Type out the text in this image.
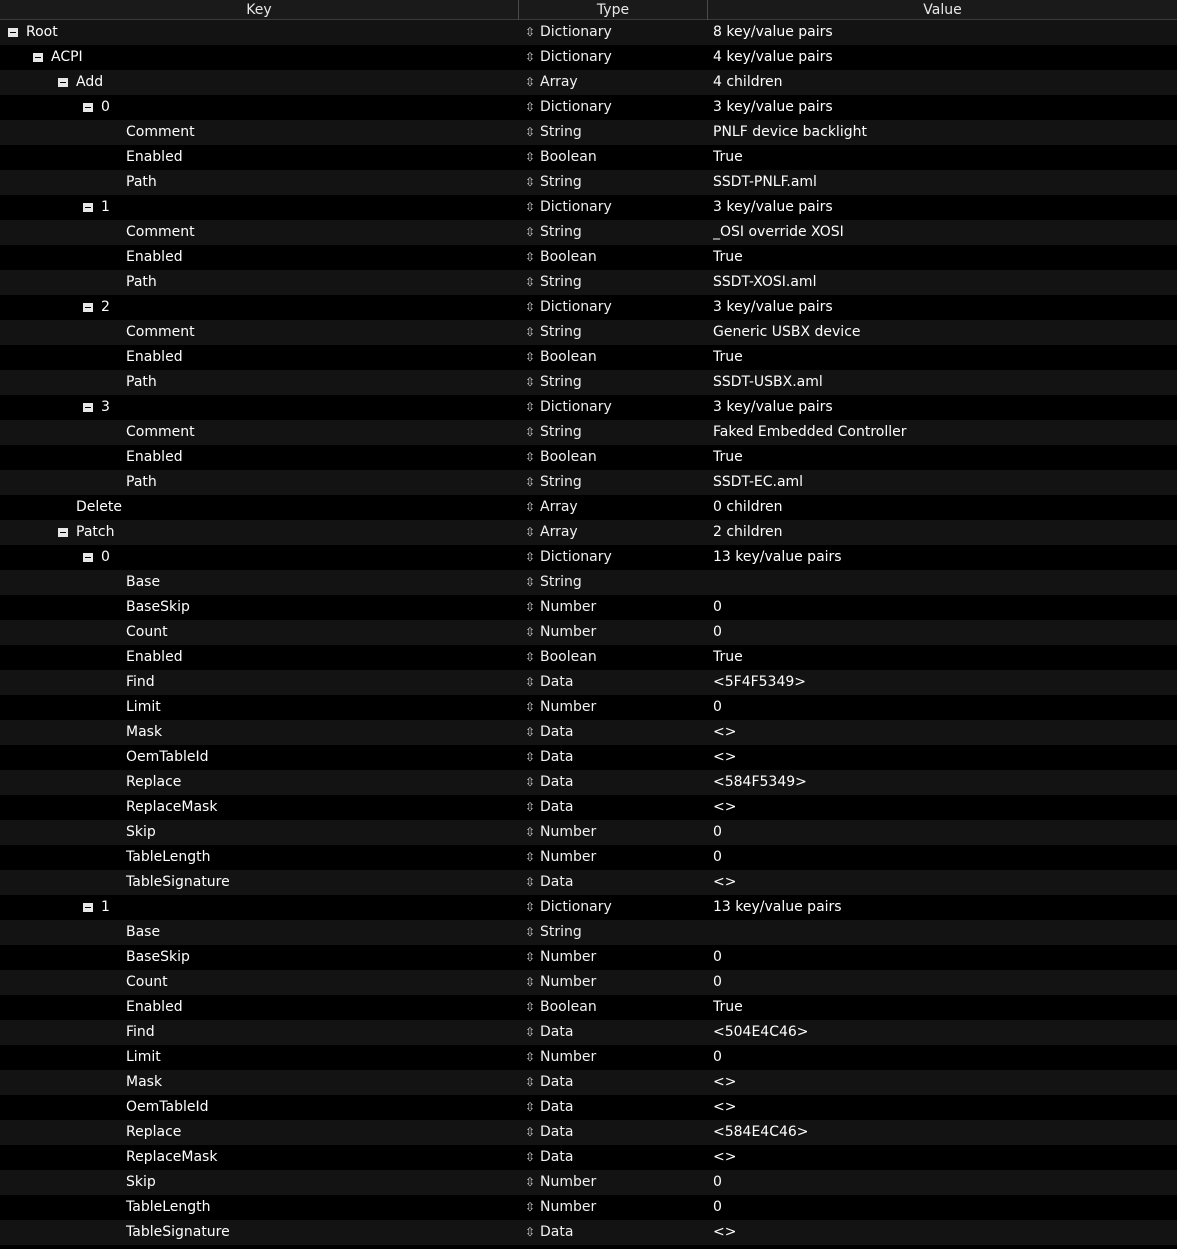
Key	Type	Value
Root	⇳ Dictionary	8 key/value pairs
ACPI	⇳ Dictionary	4 key/value pairs
Add	⇳ Array	4 children
0	⇳ Dictionary	3 key/value pairs
Comment	⇳ String	PNLF device backlight
Enabled	⇳ Boolean	True
Path	⇳ String	SSDT-PNLF.aml
1	⇳ Dictionary	3 key/value pairs
Comment	⇳ String	_OSI override XOSI
Enabled	⇳ Boolean	True
Path	⇳ String	SSDT-XOSI.aml
2	⇳ Dictionary	3 key/value pairs
Comment	⇳ String	Generic USBX device
Enabled	⇳ Boolean	True
Path	⇳ String	SSDT-USBX.aml
3	⇳ Dictionary	3 key/value pairs
Comment	⇳ String	Faked Embedded Controller
Enabled	⇳ Boolean	True
Path	⇳ String	SSDT-EC.aml
Delete	⇳ Array	0 children
Patch	⇳ Array	2 children
0	⇳ Dictionary	13 key/value pairs
Base	⇳ String
BaseSkip	⇳ Number	0
Count	⇳ Number	0
Enabled	⇳ Boolean	True
Find	⇳ Data	<5F4F5349>
Limit	⇳ Number	0
Mask	⇳ Data	<>
OemTableId	⇳ Data	<>
Replace	⇳ Data	<584F5349>
ReplaceMask	⇳ Data	<>
Skip	⇳ Number	0
TableLength	⇳ Number	0
TableSignature	⇳ Data	<>
1	⇳ Dictionary	13 key/value pairs
Base	⇳ String
BaseSkip	⇳ Number	0
Count	⇳ Number	0
Enabled	⇳ Boolean	True
Find	⇳ Data	<504E4C46>
Limit	⇳ Number	0
Mask	⇳ Data	<>
OemTableId	⇳ Data	<>
Replace	⇳ Data	<584E4C46>
ReplaceMask	⇳ Data	<>
Skip	⇳ Number	0
TableLength	⇳ Number	0
TableSignature	⇳ Data	<>
